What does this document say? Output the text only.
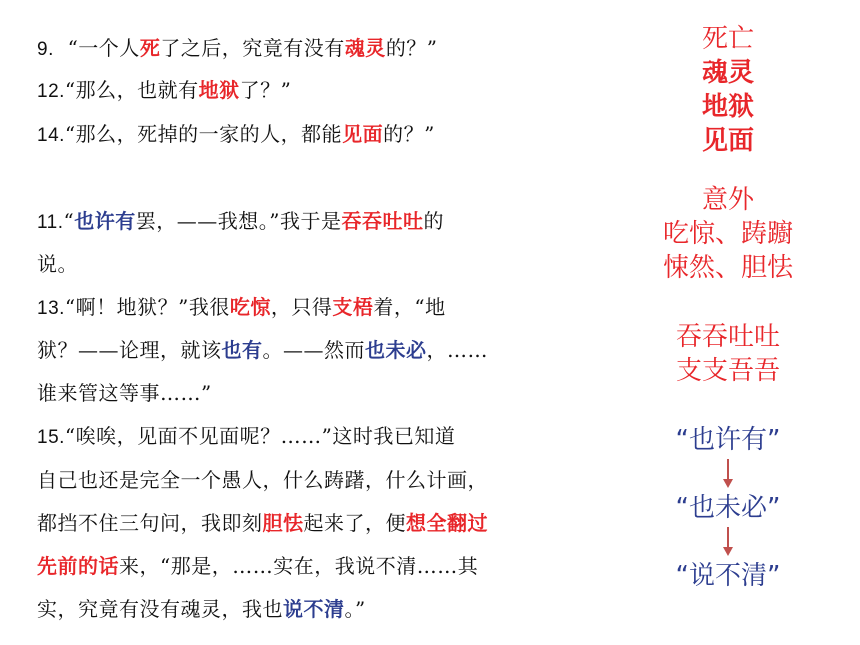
9. “一个人死了之后，究竟有没有魂灵的？”
12.“那么，也就有地狱了？”
14.“那么，死掉的一家的人，都能见面的？”
11.“也许有罢，——我想。”我于是吞吞吐吐的
说。
13.“啊！地狱？”我很吃惊，只得支梧着，“地
狱？——论理，就该也有。——然而也未必，……
谁来管这等事……”
15.“唉唉，见面不见面呢？……”这时我已知道
自己也还是完全一个愚人，什么踌躇，什么计画，
都挡不住三句问，我即刻胆怯起来了，便想全翻过
先前的话来，“那是，……实在，我说不清……其
实，究竟有没有魂灵，我也说不清。”
死亡
魂灵
地狱
见面
意外
吃惊、踌躕
悚然、胆怯
吞吞吐吐
支支吾吾
“也许有”
“也未必”
“说不清”
